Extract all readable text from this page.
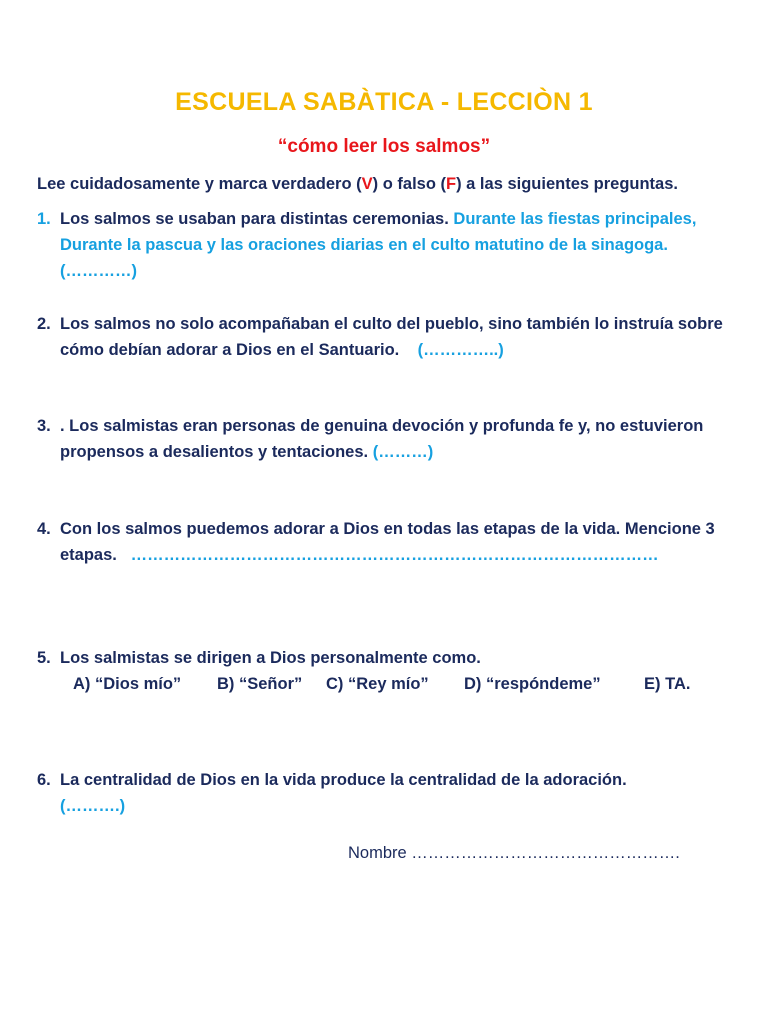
ESCUELA SABÀTICA - LECCIÒN 1
“cómo leer los salmos”
Lee cuidadosamente y marca verdadero (V) o falso (F) a las siguientes preguntas.
1. Los salmos se usaban para distintas ceremonias. Durante las fiestas principales, Durante la pascua y las oraciones diarias en el culto matutino de la sinagoga. (…………)
2. Los salmos no solo acompañaban el culto del pueblo, sino también lo instruía sobre cómo debían adorar a Dios en el Santuario. (…………..)
3. . Los salmistas eran personas de genuina devoción y profunda fe y, no estuvieron propensos a desalientos y tentaciones. (………)
4. Con los salmos puedemos adorar a Dios en todas las etapas de la vida. Mencione 3 etapas. ……………………………………………………………………………………
5. Los salmistas se dirigen a Dios personalmente como.
A) “Dios mío”	B) “Señor”	C) “Rey mío”	D) “respóndeme”	E) TA.
6. La centralidad de Dios en la vida produce la centralidad de la adoración.
(……….)
Nombre ………………………………………….
